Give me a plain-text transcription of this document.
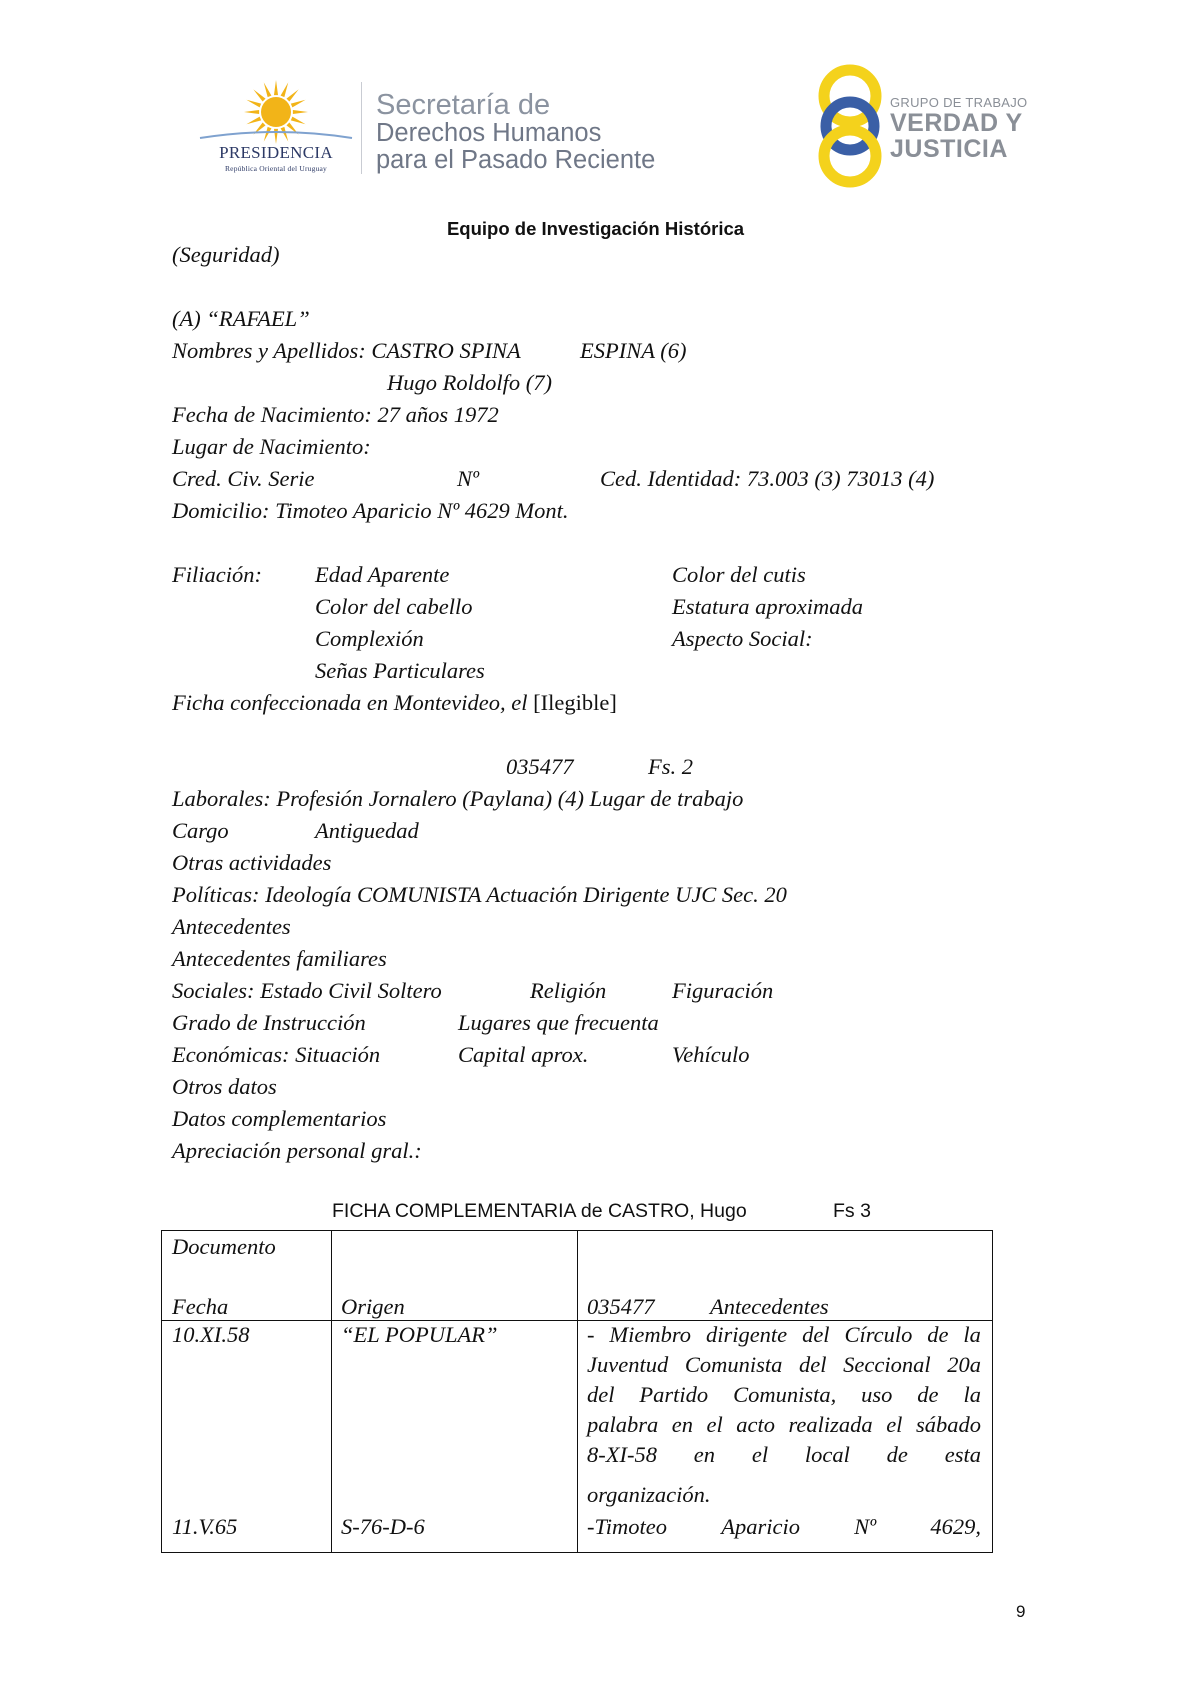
PRESIDENCIA
República Oriental del Uruguay
Secretaría de
Derechos Humanos
para el Pasado Reciente
GRUPO DE TRABAJO
VERDAD Y
JUSTICIA
Equipo de Investigación Histórica
(Seguridad)
(A) “RAFAEL”
Nombres y Apellidos: CASTRO SPINA	ESPINA (6)
Hugo Roldolfo (7)
Fecha de Nacimiento: 27 años 1972
Lugar de Nacimiento:
Cred. Civ. Serie	Nº	Ced. Identidad: 73.003 (3) 73013 (4)
Domicilio: Timoteo Aparicio Nº 4629 Mont.
Filiación: Edad Aparente	Color del cutis
Color del cabello	Estatura aproximada
Complexión	Aspecto Social:
Señas Particulares
Ficha confeccionada en Montevideo, el [Ilegible]
035477	Fs. 2
Laborales: Profesión Jornalero (Paylana) (4) Lugar de trabajo
Cargo	Antiguedad
Otras actividades
Políticas: Ideología COMUNISTA Actuación Dirigente UJC Sec. 20
Antecedentes
Antecedentes familiares
Sociales: Estado Civil Soltero	Religión	Figuración
Grado de Instrucción	Lugares que frecuenta
Económicas: Situación	Capital aprox.	Vehículo
Otros datos
Datos complementarios
Apreciación personal gral.:
FICHA COMPLEMENTARIA de CASTRO, Hugo	Fs 3
Documento
Fecha	Origen	035477 Antecedentes
10.XI.58	“EL POPULAR”	- Miembro dirigente del Círculo de la
Juventud Comunista del Seccional 20a
del Partido Comunista, uso de la
palabra en el acto realizada el sábado
8-XI-58 en el local de esta
organización.
11.V.65	S-76-D-6	-Timoteo Aparicio Nº 4629,
9
